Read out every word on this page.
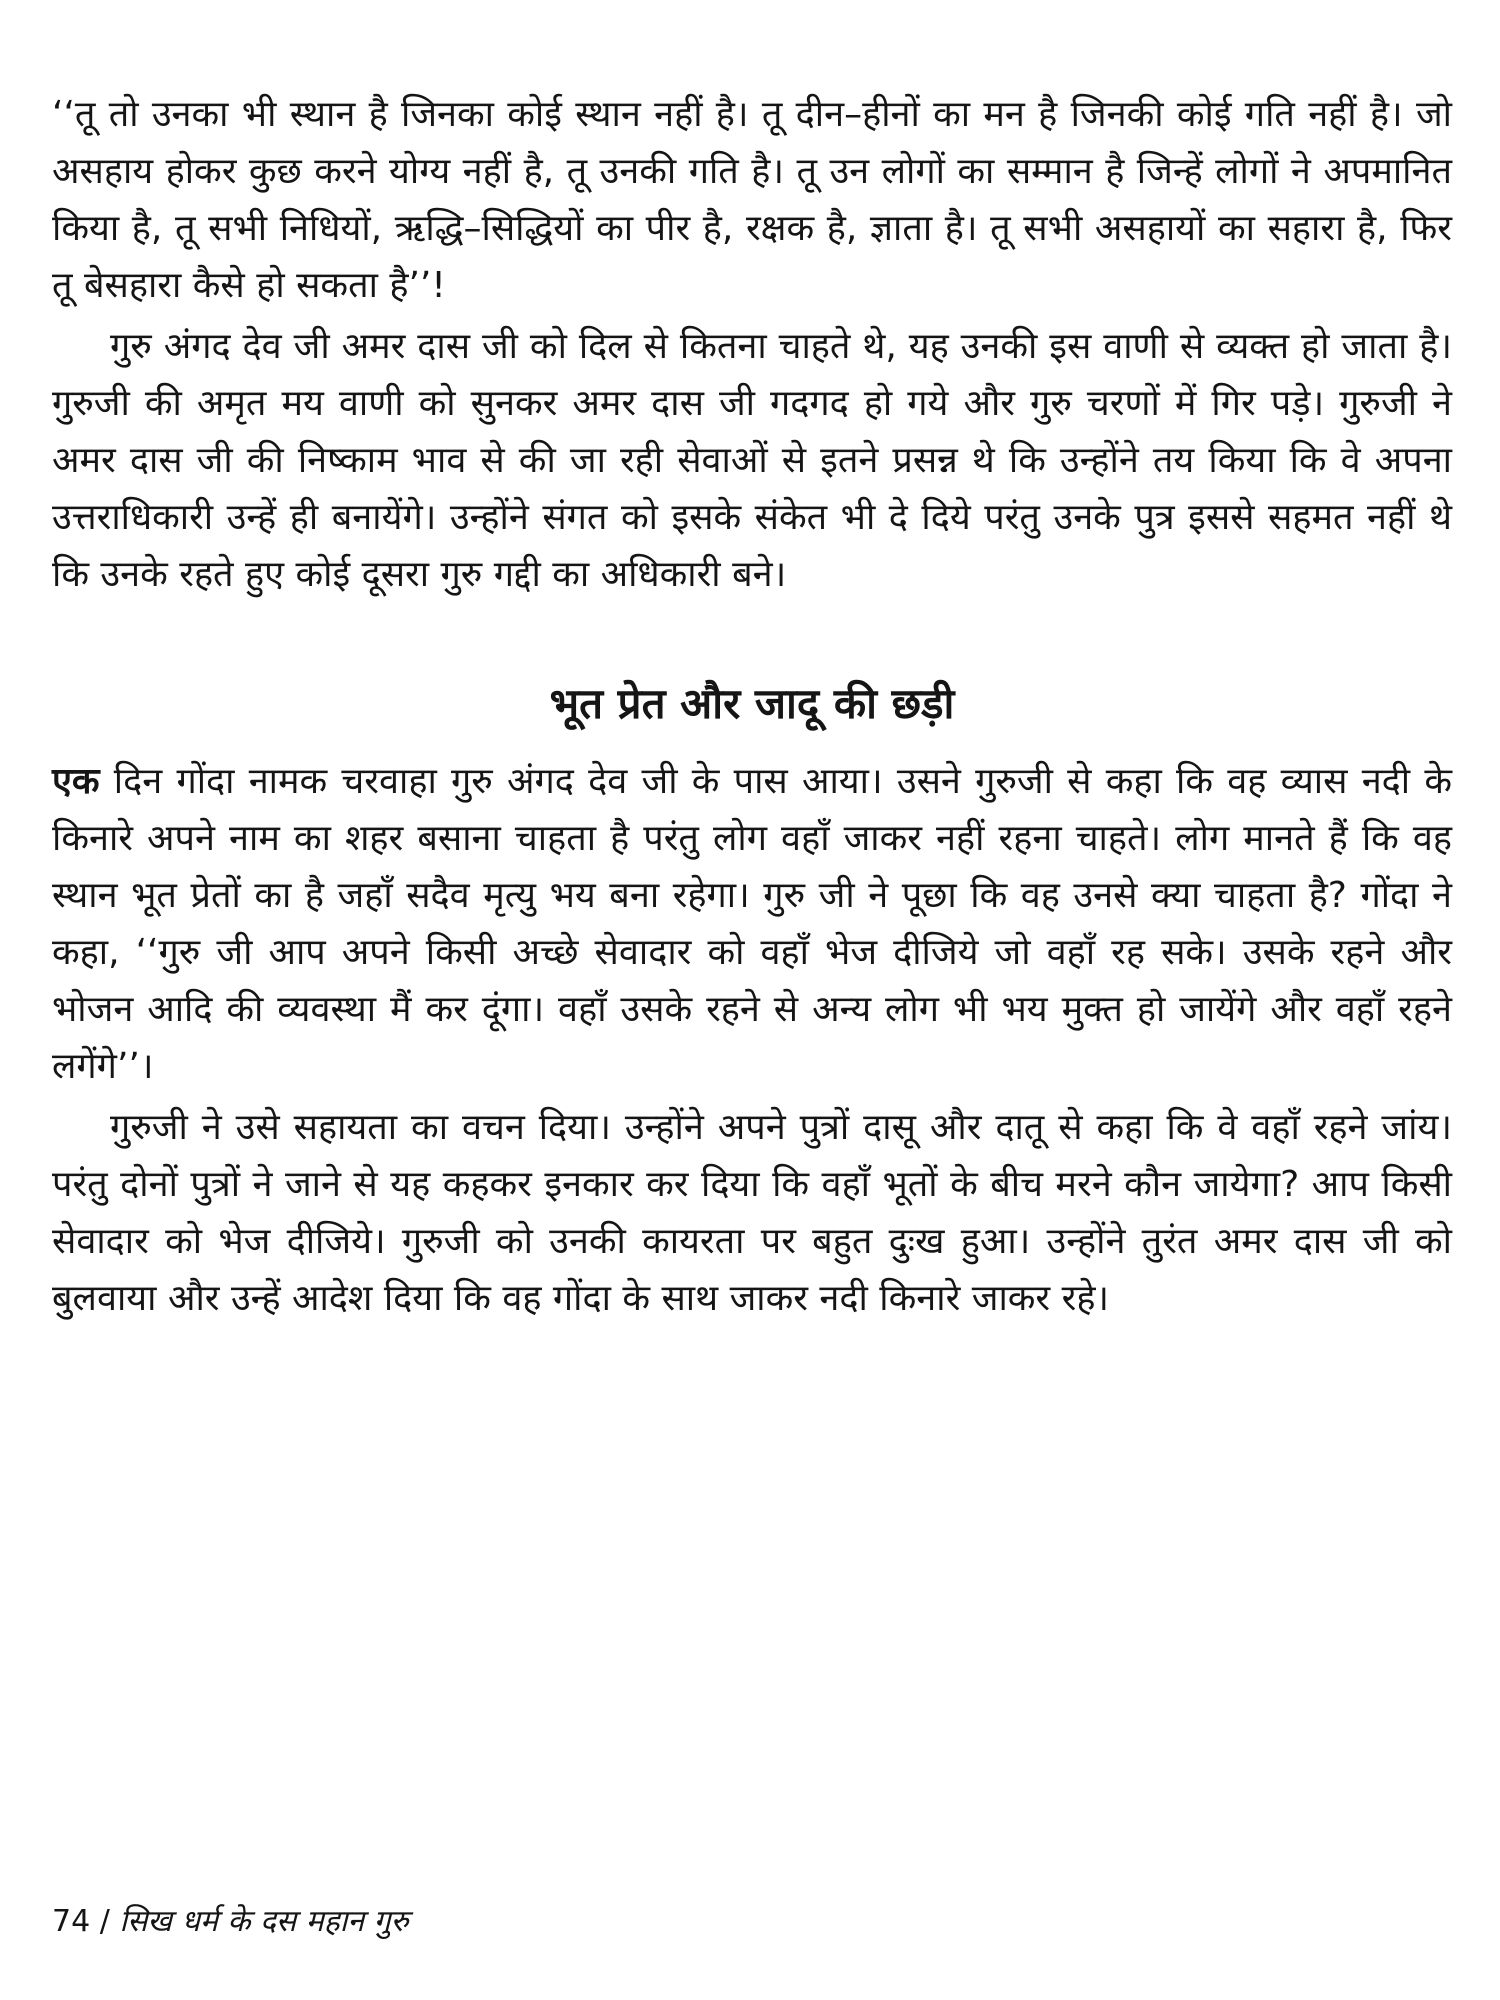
‘‘तू तो उनका भी स्थान है जिनका कोई स्थान नहीं है। तू दीन–हीनों का मन है जिनकी कोई गति नहीं है। जो असहाय होकर कुछ करने योग्य नहीं है, तू उनकी गति है। तू उन लोगों का सम्मान है जिन्हें लोगों ने अपमानित किया है, तू सभी निधियों, ऋद्धि–सिद्धियों का पीर है, रक्षक है, ज्ञाता है। तू सभी असहायों का सहारा है, फिर तू बेसहारा कैसे हो सकता है’’!

गुरु अंगद देव जी अमर दास जी को दिल से कितना चाहते थे, यह उनकी इस वाणी से व्यक्त हो जाता है। गुरुजी की अमृत मय वाणी को सुनकर अमर दास जी गदगद हो गये और गुरु चरणों में गिर पड़े। गुरुजी ने अमर दास जी की निष्काम भाव से की जा रही सेवाओं से इतने प्रसन्न थे कि उन्होंने तय किया कि वे अपना उत्तराधिकारी उन्हें ही बनायेंगे। उन्होंने संगत को इसके संकेत भी दे दिये परंतु उनके पुत्र इससे सहमत नहीं थे कि उनके रहते हुए कोई दूसरा गुरु गद्दी का अधिकारी बने।

भूत प्रेत और जादू की छड़ी

एक दिन गोंदा नामक चरवाहा गुरु अंगद देव जी के पास आया। उसने गुरुजी से कहा कि वह व्यास नदी के किनारे अपने नाम का शहर बसाना चाहता है परंतु लोग वहाँ जाकर नहीं रहना चाहते। लोग मानते हैं कि वह स्थान भूत प्रेतों का है जहाँ सदैव मृत्यु भय बना रहेगा। गुरु जी ने पूछा कि वह उनसे क्या चाहता है? गोंदा ने कहा, ‘‘गुरु जी आप अपने किसी अच्छे सेवादार को वहाँ भेज दीजिये जो वहाँ रह सके। उसके रहने और भोजन आदि की व्यवस्था मैं कर दूंगा। वहाँ उसके रहने से अन्य लोग भी भय मुक्त हो जायेंगे और वहाँ रहने लगेंगे’’।

गुरुजी ने उसे सहायता का वचन दिया। उन्होंने अपने पुत्रों दासू और दातू से कहा कि वे वहाँ रहने जांय। परंतु दोनों पुत्रों ने जाने से यह कहकर इनकार कर दिया कि वहाँ भूतों के बीच मरने कौन जायेगा? आप किसी सेवादार को भेज दीजिये। गुरुजी को उनकी कायरता पर बहुत दुःख हुआ। उन्होंने तुरंत अमर दास जी को बुलवाया और उन्हें आदेश दिया कि वह गोंदा के साथ जाकर नदी किनारे जाकर रहे।

74 / सिख धर्म के दस महान गुरु
